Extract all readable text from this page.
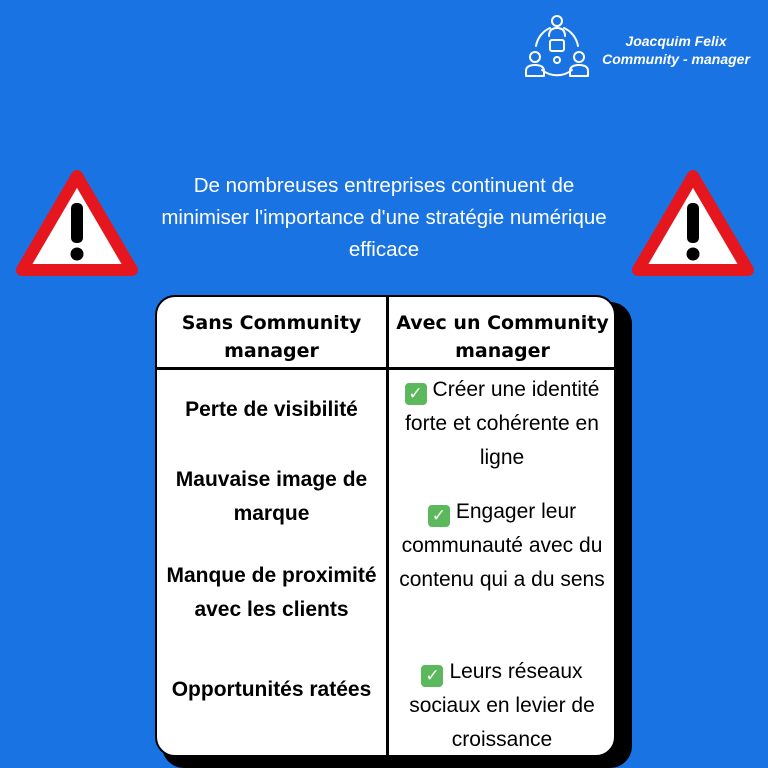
Joacquim Felix
Community - manager
De nombreuses entreprises continuent de minimiser l'importance d'une stratégie numérique efficace
Sans Community manager
Avec un Community manager
Perte de visibilité
Mauvaise image de marque
Manque de proximité avec les clients
Opportunités ratées
✓ Créer une identité forte et cohérente en ligne
✓ Engager leur communauté avec du contenu qui a du sens
✓ Leurs réseaux sociaux en levier de croissance
